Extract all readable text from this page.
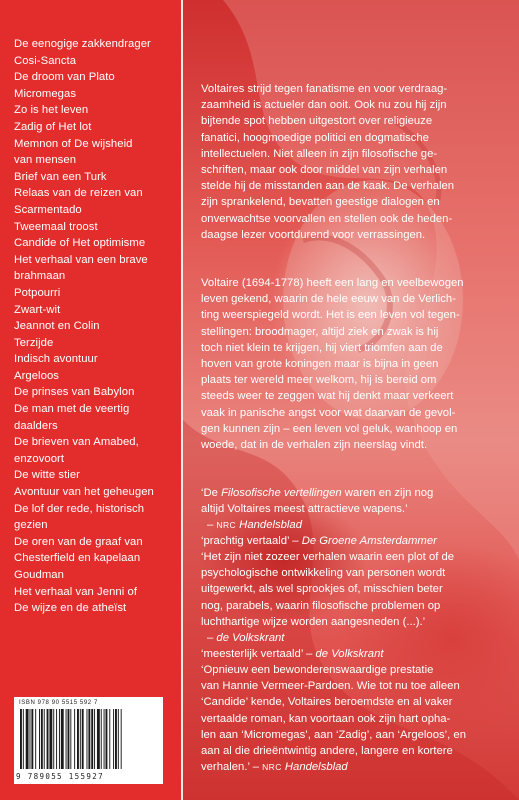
De eenogige zakkendrager
Cosi-Sancta
De droom van Plato
Micromegas
Zo is het leven
Zadig of Het lot
Memnon of De wijsheid
van mensen
Brief van een Turk
Relaas van de reizen van
Scarmentado
Tweemaal troost
Candide of Het optimisme
Het verhaal van een brave
brahmaan
Potpourri
Zwart-wit
Jeannot en Colin
Terzijde
Indisch avontuur
Argeloos
De prinses van Babylon
De man met de veertig
daalders
De brieven van Amabed,
enzovoort
De witte stier
Avontuur van het geheugen
De lof der rede, historisch
gezien
De oren van de graaf van
Chesterfield en kapelaan
Goudman
Het verhaal van Jenni of
De wijze en de atheïst
ISBN 978 90 5515 592 7
9 789055 155927

Voltaires strijd tegen fanatisme en voor verdraag-
zaamheid is actueler dan ooit. Ook nu zou hij zijn
bijtende spot hebben uitgestort over religieuze
fanatici, hoogmoedige politici en dogmatische
intellectuelen. Niet alleen in zijn filosofische ge-
schriften, maar ook door middel van zijn verhalen
stelde hij de misstanden aan de kaak. De verhalen
zijn sprankelend, bevatten geestige dialogen en
onverwachtse voorvallen en stellen ook de heden-
daagse lezer voortdurend voor verrassingen.

Voltaire (1694-1778) heeft een lang en veelbewogen
leven gekend, waarin de hele eeuw van de Verlich-
ting weerspiegeld wordt. Het is een leven vol tegen-
stellingen: broodmager, altijd ziek en zwak is hij
toch niet klein te krijgen, hij viert triomfen aan de
hoven van grote koningen maar is bijna in geen
plaats ter wereld meer welkom, hij is bereid om
steeds weer te zeggen wat hij denkt maar verkeert
vaak in panische angst voor wat daarvan de gevol-
gen kunnen zijn – een leven vol geluk, wanhoop en
woede, dat in de verhalen zijn neerslag vindt.

‘De Filosofische vertellingen waren en zijn nog
altijd Voltaires meest attractieve wapens.’

– NRC Handelsblad

‘prachtig vertaald’ – De Groene Amsterdammer

‘Het zijn niet zozeer verhalen waarin een plot of de
psychologische ontwikkeling van personen wordt
uitgewerkt, als wel sprookjes of, misschien beter
nog, parabels, waarin filosofische problemen op
luchthartige wijze worden aangesneden (...).’

– de Volkskrant

‘meesterlijk vertaald’ – de Volkskrant

‘Opnieuw een bewonderenswaardige prestatie
van Hannie Vermeer-Pardoen. Wie tot nu toe alleen
‘Candide’ kende, Voltaires beroemdste en al vaker
vertaalde roman, kan voortaan ook zijn hart opha-
len aan ‘Micromegas’, aan ‘Zadig’, aan ‘Argeloos’, en
aan al die drieëntwintig andere, langere en kortere
verhalen.’ – NRC Handelsblad
